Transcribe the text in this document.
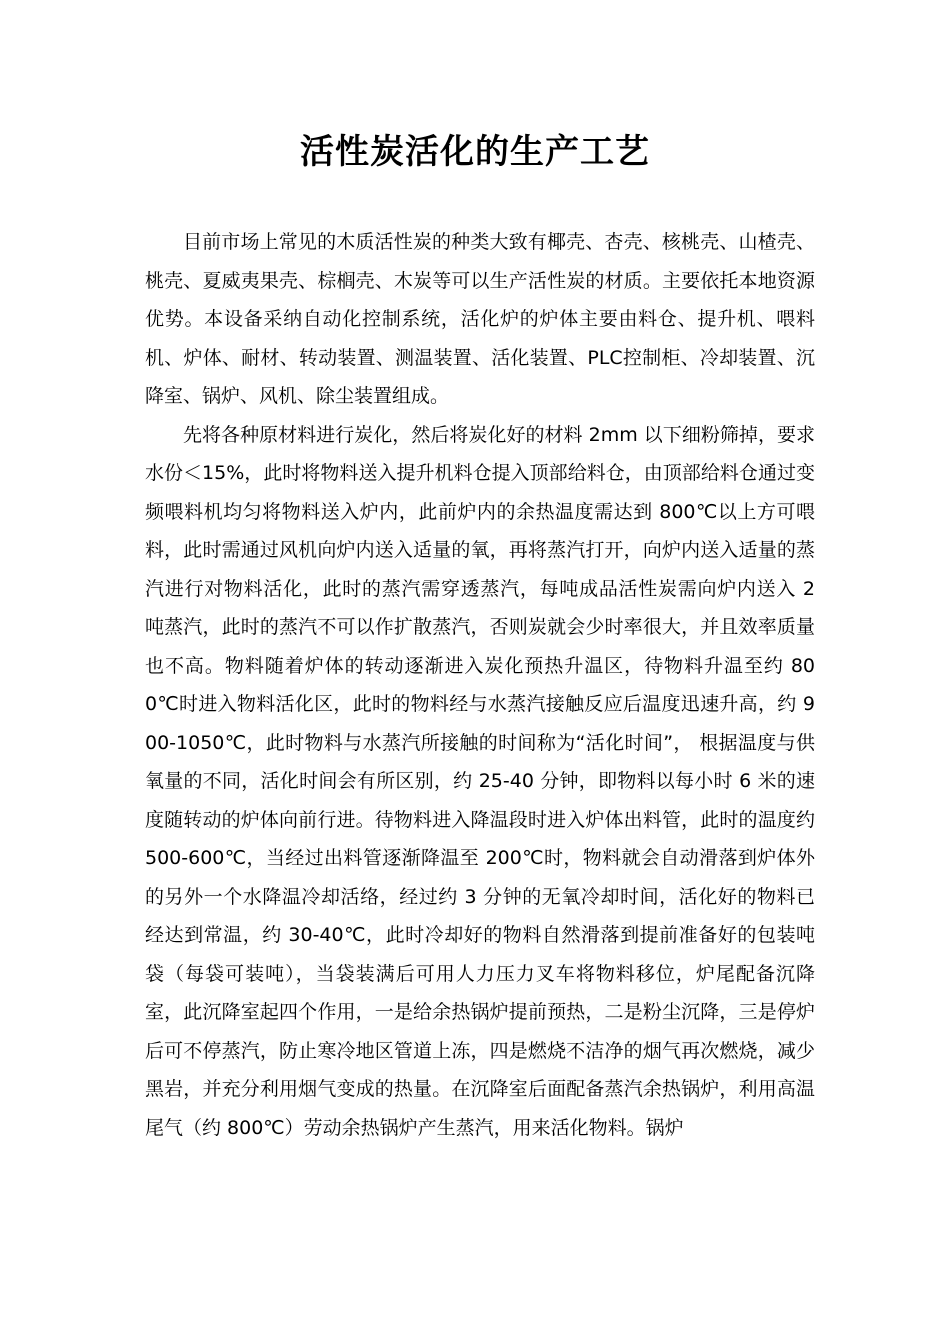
活性炭活化的生产工艺

目前市场上常见的木质活性炭的种类大致有椰壳、杏壳、核桃壳、山楂壳、桃壳、夏威夷果壳、棕榈壳、木炭等可以生产活性炭的材质。主要依托本地资源优势。本设备采纳自动化控制系统，活化炉的炉体主要由料仓、提升机、喂料机、炉体、耐材、转动装置、测温装置、活化装置、PLC控制柜、冷却装置、沉降室、锅炉、风机、除尘装置组成。

先将各种原材料进行炭化，然后将炭化好的材料 2mm 以下细粉筛掉，要求水份＜15%，此时将物料送入提升机料仓提入顶部给料仓，由顶部给料仓通过变频喂料机均匀将物料送入炉内，此前炉内的余热温度需达到 800℃以上方可喂料，此时需通过风机向炉内送入适量的氧，再将蒸汽打开，向炉内送入适量的蒸汽进行对物料活化，此时的蒸汽需穿透蒸汽，每吨成品活性炭需向炉内送入 2 吨蒸汽，此时的蒸汽不可以作扩散蒸汽，否则炭就会少时率很大，并且效率质量也不高。物料随着炉体的转动逐渐进入炭化预热升温区，待物料升温至约 800℃时进入物料活化区，此时的物料经与水蒸汽接触反应后温度迅速升高，约 900-1050℃，此时物料与水蒸汽所接触的时间称为“活化时间”， 根据温度与供氧量的不同，活化时间会有所区别，约 25-40 分钟，即物料以每小时 6 米的速度随转动的炉体向前行进。待物料进入降温段时进入炉体出料管，此时的温度约 500-600℃，当经过出料管逐渐降温至 200℃时，物料就会自动滑落到炉体外的另外一个水降温冷却活络，经过约 3 分钟的无氧冷却时间，活化好的物料已经达到常温，约 30-40℃，此时冷却好的物料自然滑落到提前准备好的包装吨袋（每袋可装吨），当袋装满后可用人力压力叉车将物料移位，炉尾配备沉降室，此沉降室起四个作用，一是给余热锅炉提前预热，二是粉尘沉降，三是停炉后可不停蒸汽，防止寒冷地区管道上冻，四是燃烧不洁净的烟气再次燃烧，减少黑岩，并充分利用烟气变成的热量。在沉降室后面配备蒸汽余热锅炉，利用高温尾气（约 800℃）劳动余热锅炉产生蒸汽，用来活化物料。锅炉
